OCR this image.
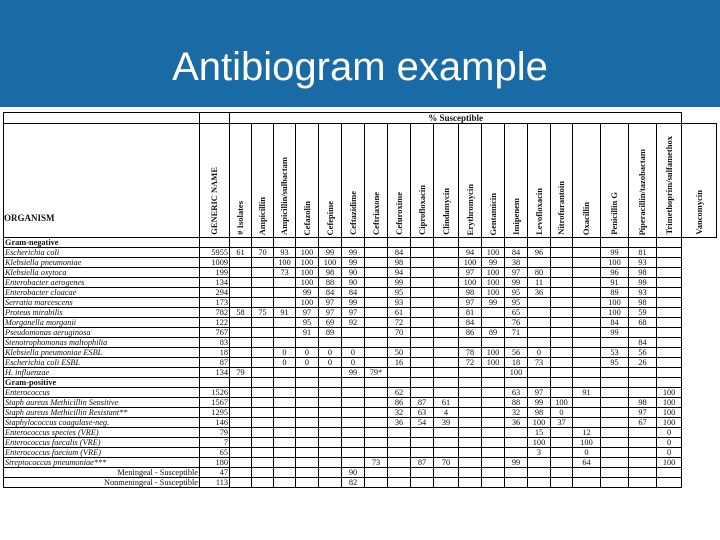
Antibiogram example
		% Susceptible																			

ORGANISM	GENERIC NAME	# Isolates	Ampicillin	Ampicillin/sulbactam	Cefazolin	Cefepime	Ceftazidime	Ceftriaxone	Cefuroxime	Ciprofloxacin	Clindamycin	Erythromycin	Gentamicin	Imipenem	Levofloxacin	Nitrofurantoin	Oxacillin	Penicillin G	Piperacillin/tazobactam	Trimethoprim/sulfamethox	Vancomycin

Gram-negative																					
Escherichia coli	5955	61	70	93	100	99	99		84			94	100	84	96			99	81		
Klebsiella pneumoniae	1009			100	100	100	99		98			100	99	38				100	93		
Klebsiella oxytoca	199			73	100	98	90		94			97	100	97	80			96	98		
Enterobacter aerogenes	134				100	88	90		99			100	100	99	11			91	99		
Enterobacter cloacae	294				99	84	84		95			98	100	95	36			89	93		
Serratia marcescens	173				100	97	99		93			97	99	95				100	98		
Proteus mirabilis	782	58	75	91	97	97	97		61			81		65				100	59		
Morganella morganii	122				95	69	92		72			84		76				84	68		
Pseudomonas aeruginosa	767				91	89			70			86	89	71				99			
Stenotrophomonas maltophilia	83																		84		
Klebsiella pneumoniae ESBL	18			0	0	0	0		50			78	100	56	0			53	56		
Escherichia coli ESBL	87			0	0	0	0		16			72	100	18	73			95	26		
H. influenzae	134	79					99	79*						100							
Gram-positive																					
Enterococcus	1526								62					63	97		91			100	
Staph aureus Methicillin Sensitive	1567								86	87	61			88	99	100			98	100	
Staph aureus Methicillin Resistant**	1295								32	63	4			32	98	0			97	100	
Staphylococcus coagulase-neg.	146								36	54	39			36	100	37			67	100	
Enterococcus species (VRE)	79														15		12			0	
Enterococcus faecalis (VRE)	7														100		100			0	
Enterococcus faecium (VRE)	65														3		0			0	
Streptococcus pneumoniae***	180							73		87	70			99			64			100	
Meningeal - Susceptible	47						90														
Nonmeningeal - Susceptible	113						82														
